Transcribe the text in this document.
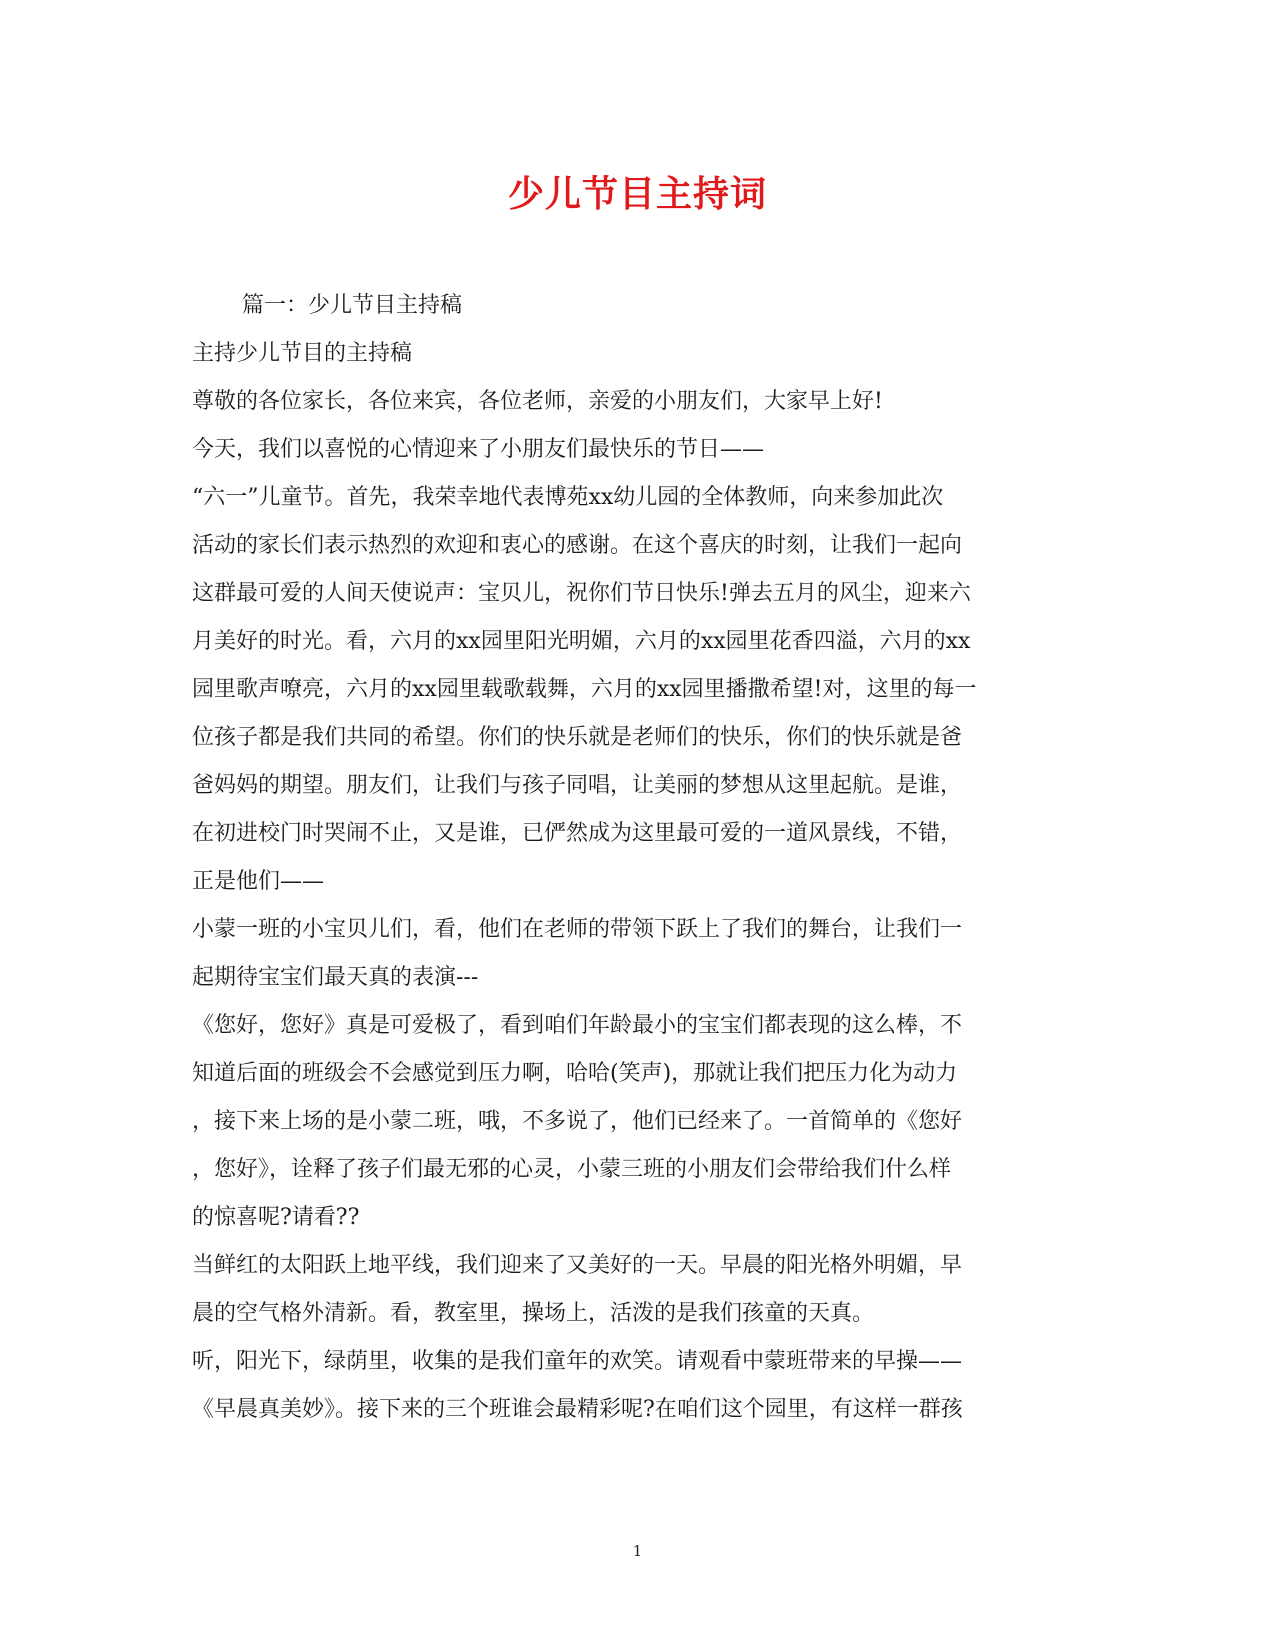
少儿节目主持词
篇一：少儿节目主持稿
主持少儿节目的主持稿
尊敬的各位家长，各位来宾，各位老师，亲爱的小朋友们，大家早上好!
今天，我们以喜悦的心情迎来了小朋友们最快乐的节日——
“六一”儿童节。首先，我荣幸地代表博苑xx幼儿园的全体教师，向来参加此次
活动的家长们表示热烈的欢迎和衷心的感谢。在这个喜庆的时刻，让我们一起向
这群最可爱的人间天使说声：宝贝儿，祝你们节日快乐!弹去五月的风尘，迎来六
月美好的时光。看，六月的xx园里阳光明媚，六月的xx园里花香四溢，六月的xx
园里歌声嘹亮，六月的xx园里载歌载舞，六月的xx园里播撒希望!对，这里的每一
位孩子都是我们共同的希望。你们的快乐就是老师们的快乐，你们的快乐就是爸
爸妈妈的期望。朋友们，让我们与孩子同唱，让美丽的梦想从这里起航。是谁，
在初进校门时哭闹不止，又是谁，已俨然成为这里最可爱的一道风景线，不错，
正是他们——
小蒙一班的小宝贝儿们，看，他们在老师的带领下跃上了我们的舞台，让我们一
起期待宝宝们最天真的表演---
《您好，您好》真是可爱极了，看到咱们年龄最小的宝宝们都表现的这么棒，不
知道后面的班级会不会感觉到压力啊，哈哈(笑声)，那就让我们把压力化为动力
，接下来上场的是小蒙二班，哦，不多说了，他们已经来了。一首简单的《您好
，您好》，诠释了孩子们最无邪的心灵，小蒙三班的小朋友们会带给我们什么样
的惊喜呢?请看??
当鲜红的太阳跃上地平线，我们迎来了又美好的一天。早晨的阳光格外明媚，早
晨的空气格外清新。看，教室里，操场上，活泼的是我们孩童的天真。
听，阳光下，绿荫里，收集的是我们童年的欢笑。请观看中蒙班带来的早操——
《早晨真美妙》。接下来的三个班谁会最精彩呢?在咱们这个园里，有这样一群孩
1
